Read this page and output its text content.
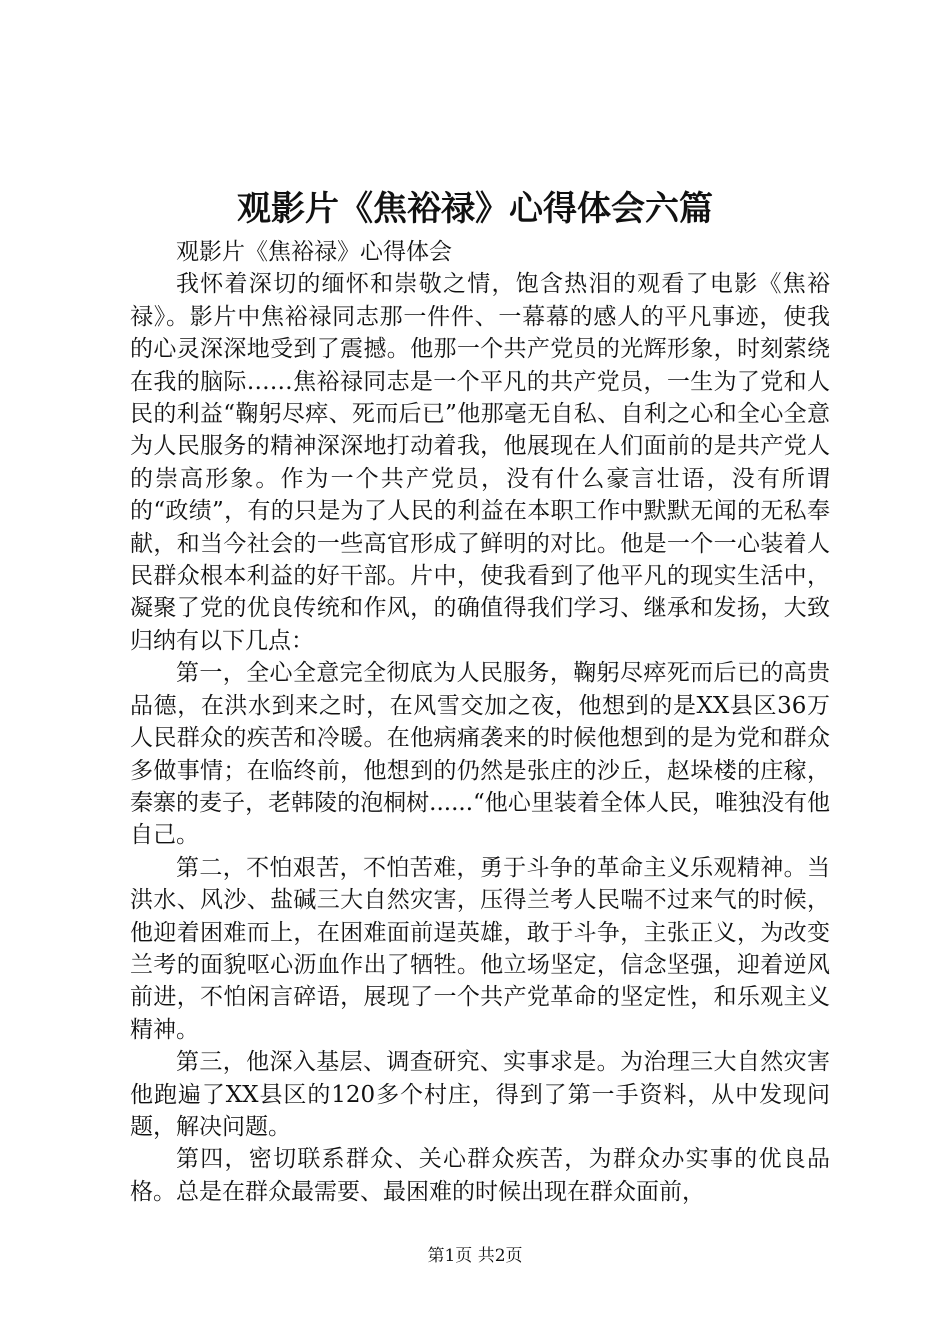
观影片《焦裕禄》心得体会六篇

观影片《焦裕禄》心得体会

我怀着深切的缅怀和崇敬之情，饱含热泪的观看了电影《焦裕禄》。影片中焦裕禄同志那一件件、一幕幕的感人的平凡事迹，使我的心灵深深地受到了震撼。他那一个共产党员的光辉形象，时刻萦绕在我的脑际……焦裕禄同志是一个平凡的共产党员，一生为了党和人民的利益“鞠躬尽瘁、死而后已”他那毫无自私、自利之心和全心全意为人民服务的精神深深地打动着我，他展现在人们面前的是共产党人的崇高形象。作为一个共产党员，没有什么豪言壮语，没有所谓的“政绩”，有的只是为了人民的利益在本职工作中默默无闻的无私奉献，和当今社会的一些高官形成了鲜明的对比。他是一个一心装着人民群众根本利益的好干部。片中，使我看到了他平凡的现实生活中，凝聚了党的优良传统和作风，的确值得我们学习、继承和发扬，大致归纳有以下几点：

第一，全心全意完全彻底为人民服务，鞠躬尽瘁死而后已的高贵品德，在洪水到来之时，在风雪交加之夜，他想到的是XX县区36万人民群众的疾苦和冷暖。在他病痛袭来的时候他想到的是为党和群众多做事情；在临终前，他想到的仍然是张庄的沙丘，赵垛楼的庄稼，秦寨的麦子，老韩陵的泡桐树......“他心里装着全体人民，唯独没有他自己。

第二，不怕艰苦，不怕苦难，勇于斗争的革命主义乐观精神。当洪水、风沙、盐碱三大自然灾害，压得兰考人民喘不过来气的时候，他迎着困难而上，在困难面前逞英雄，敢于斗争，主张正义，为改变兰考的面貌呕心沥血作出了牺牲。他立场坚定，信念坚强，迎着逆风前进，不怕闲言碎语，展现了一个共产党革命的坚定性，和乐观主义精神。

第三，他深入基层、调查研究、实事求是。为治理三大自然灾害他跑遍了XX县区的120多个村庄，得到了第一手资料，从中发现问题，解决问题。

第四，密切联系群众、关心群众疾苦，为群众办实事的优良品格。总是在群众最需要、最困难的时候出现在群众面前，

第1页 共2页
